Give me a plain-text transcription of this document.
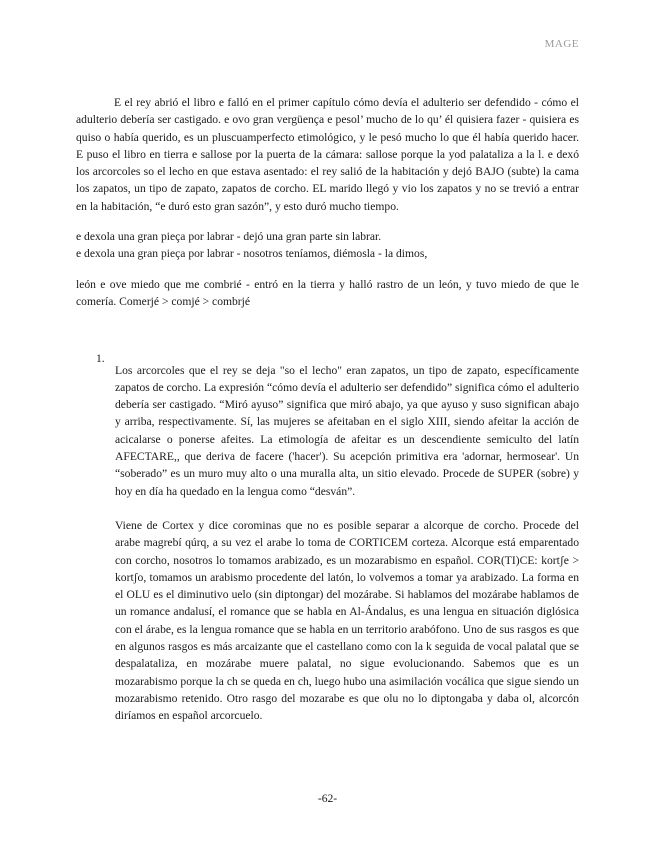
MAGE

E el rey abrió el libro e falló en el primer capítulo cómo devía el adulterio ser defendido - cómo el adulterio debería ser castigado. e ovo gran vergüença e pesol’ mucho de lo qu’ él quisiera fazer - quisiera es quiso o había querido, es un pluscuamperfecto etimológico, y le pesó mucho lo que él había querido hacer. E puso el libro en tierra e sallose por la puerta de la cámara: sallose porque la yod palataliza a la l. e dexó los arcorcoles so el lecho en que estava asentado: el rey salió de la habitación y dejó BAJO (subte) la cama los zapatos, un tipo de zapato, zapatos de corcho. EL marido llegó y vio los zapatos y no se trevió a entrar en la habitación, “e duró esto gran sazón”, y esto duró mucho tiempo.

e dexola una gran pieça por labrar - dejó una gran parte sin labrar.

e dexola una gran pieça por labrar - nosotros teníamos, diémosla - la dimos,

león e ove miedo que me combrié - entró en la tierra y halló rastro de un león, y tuvo miedo de que le comería. Comerjé > comjé > combrjé

1.

Los arcorcoles que el rey se deja "so el lecho" eran zapatos, un tipo de zapato, específicamente zapatos de corcho. La expresión “cómo devía el adulterio ser defendido” significa cómo el adulterio debería ser castigado. “Miró ayuso” significa que miró abajo, ya que ayuso y suso significan abajo y arriba, respectivamente. Sí, las mujeres se afeitaban en el siglo XIII, siendo afeitar la acción de acicalarse o ponerse afeites. La etimología de afeitar es un descendiente semiculto del latín AFECTARE,, que deriva de facere ('hacer'). Su acepción primitiva era 'adornar, hermosear'. Un “soberado” es un muro muy alto o una muralla alta, un sitio elevado. Procede de SUPER (sobre) y hoy en día ha quedado en la lengua como “desván”.

Viene de Cortex y dice corominas que no es posible separar a alcorque de corcho. Procede del arabe magrebí qúrq, a su vez el arabe lo toma de CORTICEM corteza. Alcorque está emparentado con corcho, nosotros lo tomamos arabizado, es un mozarabismo en español. COR(TI)CE: kortʃe > kortʃo, tomamos un arabismo procedente del latón, lo volvemos a tomar ya arabizado. La forma en el OLU es el diminutivo uelo (sin diptongar) del mozárabe. Si hablamos del mozárabe hablamos de un romance andalusí, el romance que se habla en Al-Ándalus, es una lengua en situación diglósica con el árabe, es la lengua romance que se habla en un territorio arabófono. Uno de sus rasgos es que en algunos rasgos es más arcaizante que el castellano como con la k seguida de vocal palatal que se despalataliza, en mozárabe muere palatal, no sigue evolucionando. Sabemos que es un mozarabismo porque la ch se queda en ch, luego hubo una asimilación vocálica que sigue siendo un mozarabismo retenido. Otro rasgo del mozarabe es que olu no lo diptongaba y daba ol, alcorcón diríamos en español arcorcuelo.

-62-
